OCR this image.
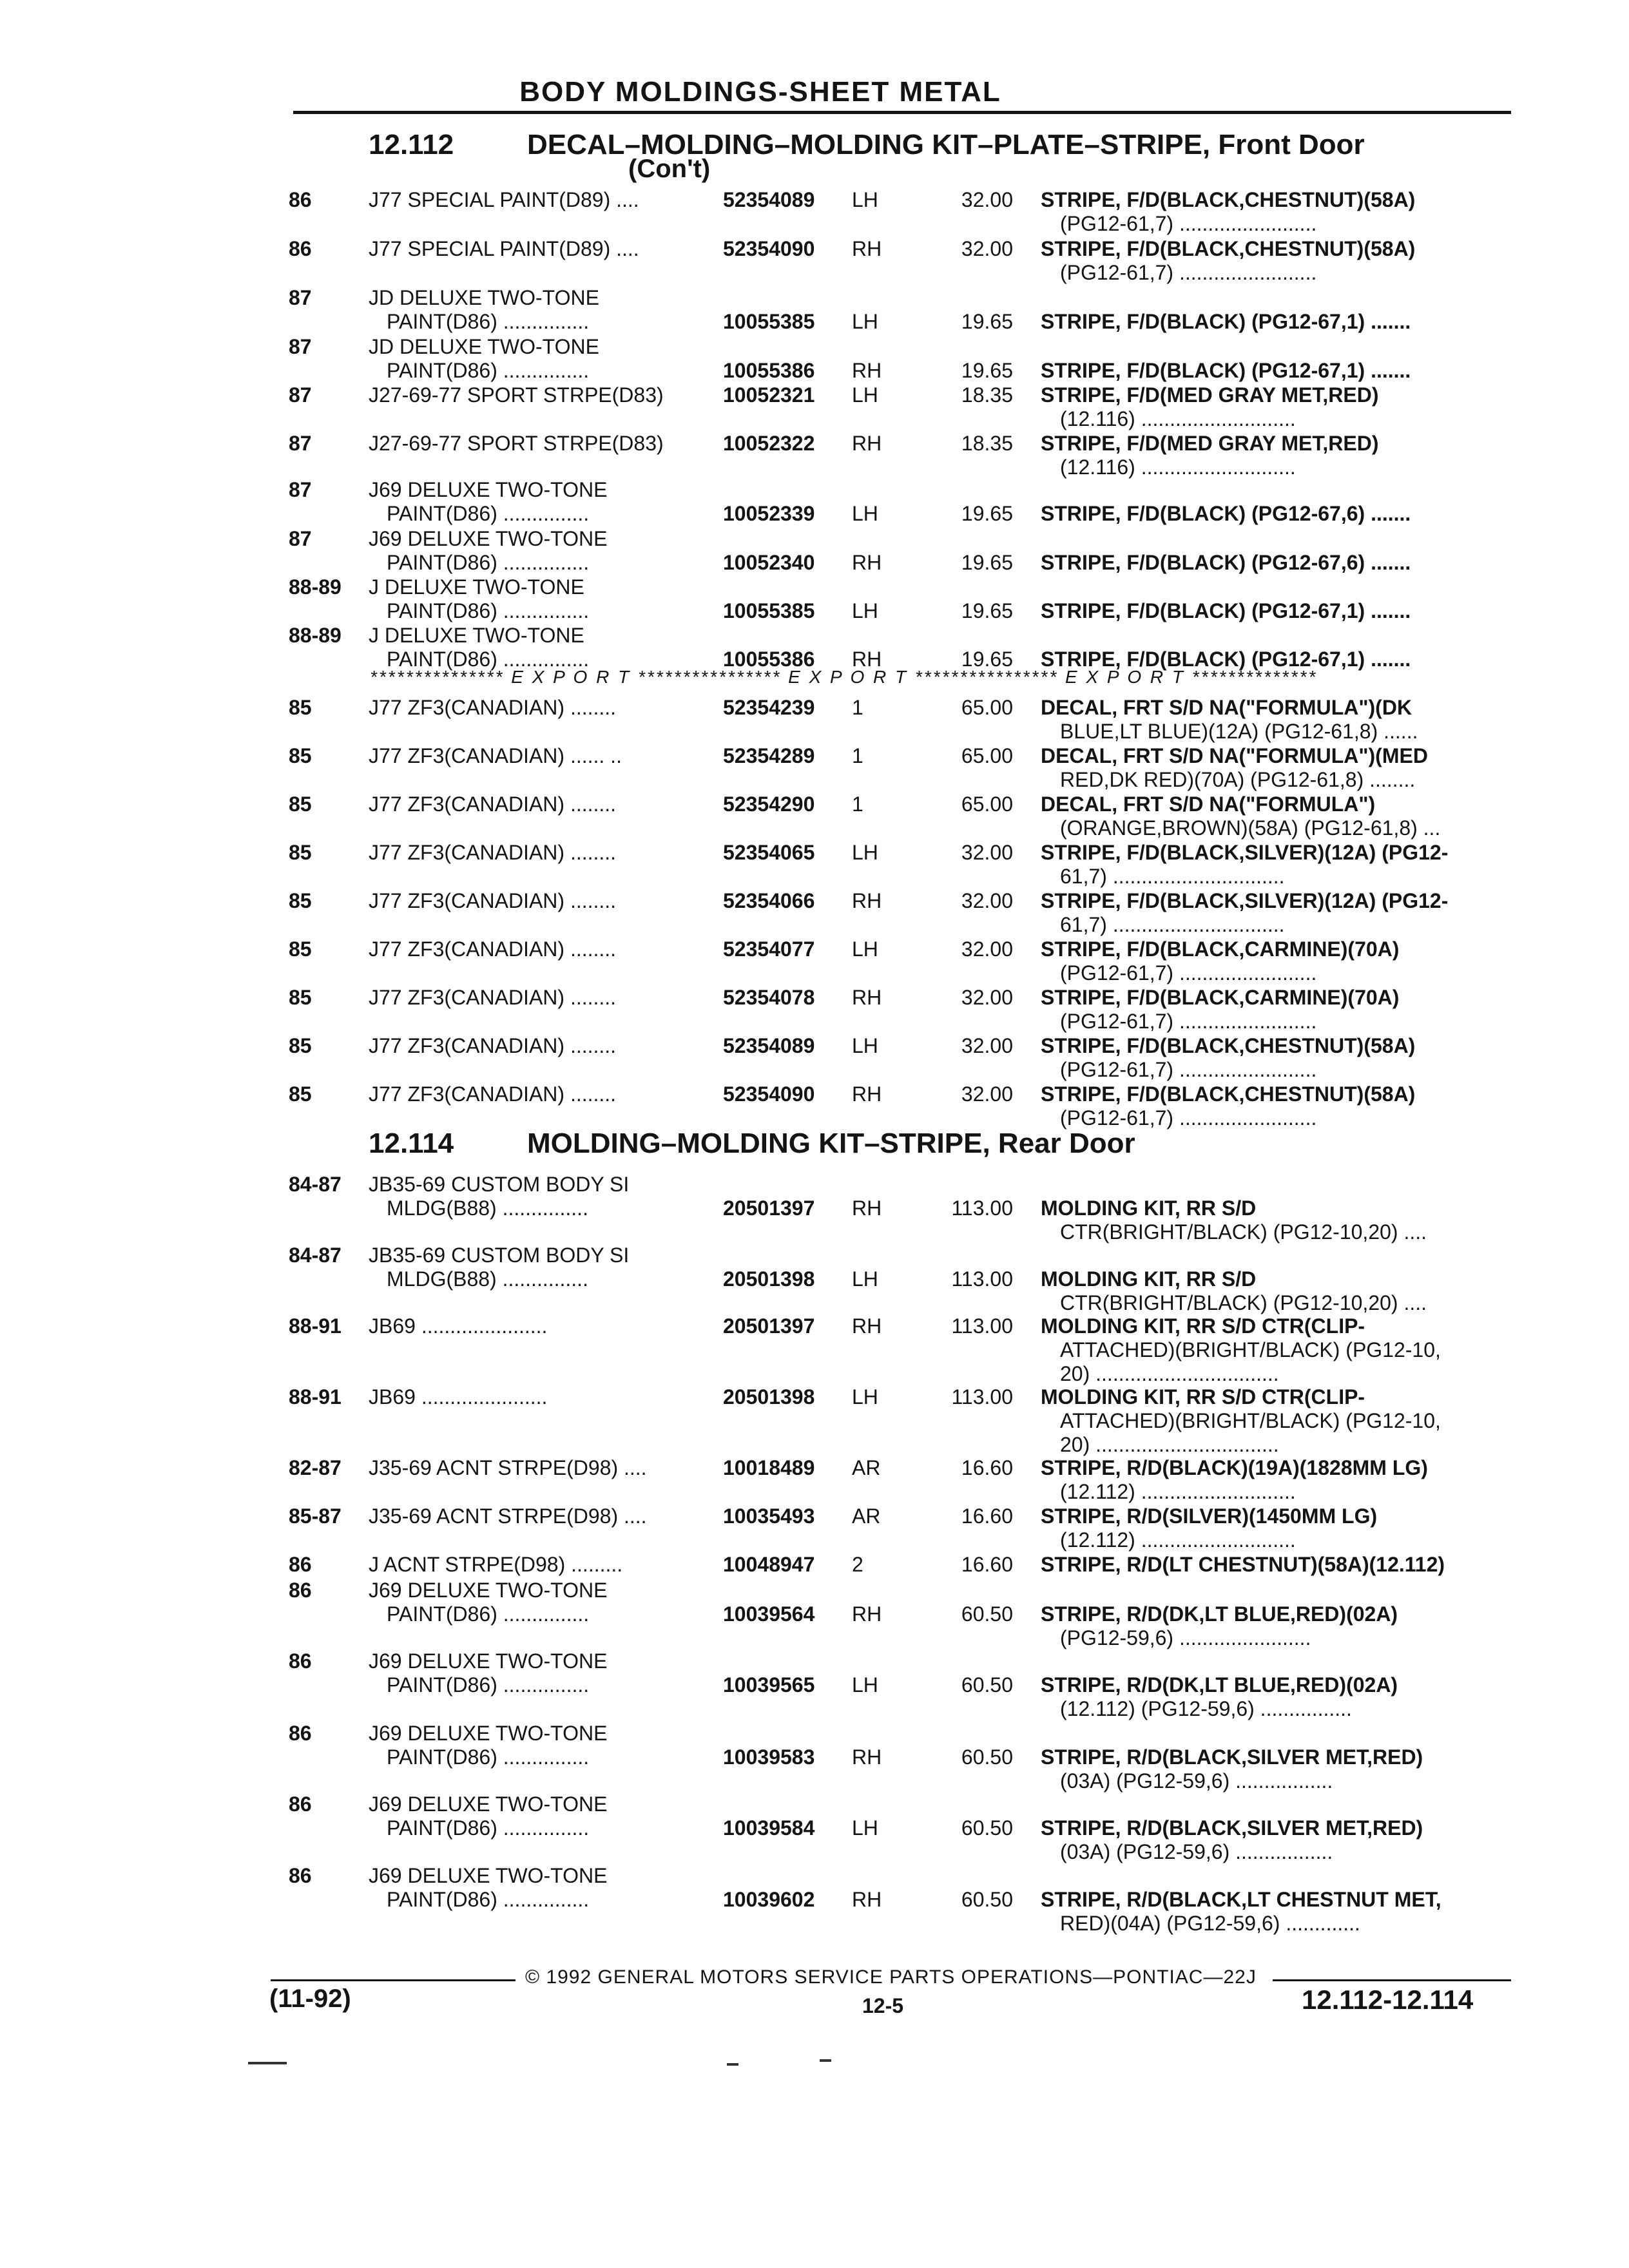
BODY MOLDINGS-SHEET METAL
12.112	DECAL–MOLDING–MOLDING KIT–PLATE–STRIPE, Front Door
(Con't)
86	J77 SPECIAL PAINT(D89) ....	52354089 LH	32.00 STRIPE, F/D(BLACK,CHESTNUT)(58A)
(PG12-61,7) ........................
86	J77 SPECIAL PAINT(D89) ....	52354090 RH	32.00 STRIPE, F/D(BLACK,CHESTNUT)(58A)
(PG12-61,7) ........................
87	JD DELUXE TWO-TONE
PAINT(D86) ...............	10055385 LH	19.65 STRIPE, F/D(BLACK) (PG12-67,1) .......
87	JD DELUXE TWO-TONE
PAINT(D86) ...............	10055386 RH	19.65 STRIPE, F/D(BLACK) (PG12-67,1) .......
87	J27-69-77 SPORT STRPE(D83)	10052321 LH	18.35 STRIPE, F/D(MED GRAY MET,RED)
(12.116) ...........................
87	J27-69-77 SPORT STRPE(D83)	10052322 RH	18.35 STRIPE, F/D(MED GRAY MET,RED)
(12.116) ...........................
87	J69 DELUXE TWO-TONE
PAINT(D86) ...............	10052339 LH	19.65 STRIPE, F/D(BLACK) (PG12-67,6) .......
87	J69 DELUXE TWO-TONE
PAINT(D86) ...............	10052340 RH	19.65 STRIPE, F/D(BLACK) (PG12-67,6) .......
88-89 J DELUXE TWO-TONE
PAINT(D86) ...............	10055385 LH	19.65 STRIPE, F/D(BLACK) (PG12-67,1) .......
88-89 J DELUXE TWO-TONE
PAINT(D86) ...............	10055386 RH	19.65 STRIPE, F/D(BLACK) (PG12-67,1) .......
*************** E X P O R T **************** E X P O R T **************** E X P O R T **************
85	J77 ZF3(CANADIAN) ........	52354239 1	65.00 DECAL, FRT S/D NA("FORMULA")(DK
BLUE,LT BLUE)(12A) (PG12-61,8) ......
85	J77 ZF3(CANADIAN) ...... ..	52354289 1	65.00 DECAL, FRT S/D NA("FORMULA")(MED
RED,DK RED)(70A) (PG12-61,8) ........
85	J77 ZF3(CANADIAN) ........	52354290 1	65.00 DECAL, FRT S/D NA("FORMULA")
(ORANGE,BROWN)(58A) (PG12-61,8) ...
85	J77 ZF3(CANADIAN) ........	52354065 LH	32.00 STRIPE, F/D(BLACK,SILVER)(12A) (PG12-
61,7) ..............................
85	J77 ZF3(CANADIAN) ........	52354066 RH	32.00 STRIPE, F/D(BLACK,SILVER)(12A) (PG12-
61,7) ..............................
85	J77 ZF3(CANADIAN) ........	52354077 LH	32.00 STRIPE, F/D(BLACK,CARMINE)(70A)
(PG12-61,7) ........................
85	J77 ZF3(CANADIAN) ........	52354078 RH	32.00 STRIPE, F/D(BLACK,CARMINE)(70A)
(PG12-61,7) ........................
85	J77 ZF3(CANADIAN) ........	52354089 LH	32.00 STRIPE, F/D(BLACK,CHESTNUT)(58A)
(PG12-61,7) ........................
85	J77 ZF3(CANADIAN) ........	52354090 RH	32.00 STRIPE, F/D(BLACK,CHESTNUT)(58A)
(PG12-61,7) ........................
12.114	MOLDING–MOLDING KIT–STRIPE, Rear Door
84-87 JB35-69 CUSTOM BODY SI
MLDG(B88) ...............	20501397 RH	113.00 MOLDING KIT, RR S/D
CTR(BRIGHT/BLACK) (PG12-10,20) ....
84-87 JB35-69 CUSTOM BODY SI
MLDG(B88) ...............	20501398 LH	113.00 MOLDING KIT, RR S/D
CTR(BRIGHT/BLACK) (PG12-10,20) ....
88-91 JB69 ......................	20501397 RH	113.00 MOLDING KIT, RR S/D CTR(CLIP-
ATTACHED)(BRIGHT/BLACK) (PG12-10,
20) ................................
88-91 JB69 ......................	20501398 LH	113.00 MOLDING KIT, RR S/D CTR(CLIP-
ATTACHED)(BRIGHT/BLACK) (PG12-10,
20) ................................
82-87 J35-69 ACNT STRPE(D98) ....	10018489 AR	16.60 STRIPE, R/D(BLACK)(19A)(1828MM LG)
(12.112) ...........................
85-87 J35-69 ACNT STRPE(D98) ....	10035493 AR	16.60 STRIPE, R/D(SILVER)(1450MM LG)
(12.112) ...........................
86	J ACNT STRPE(D98) .........	10048947 2	16.60 STRIPE, R/D(LT CHESTNUT)(58A)(12.112)
86	J69 DELUXE TWO-TONE
PAINT(D86) ...............	10039564 RH	60.50 STRIPE, R/D(DK,LT BLUE,RED)(02A)
(PG12-59,6) .......................
86	J69 DELUXE TWO-TONE
PAINT(D86) ...............	10039565 LH	60.50 STRIPE, R/D(DK,LT BLUE,RED)(02A)
(12.112) (PG12-59,6) ................
86	J69 DELUXE TWO-TONE
PAINT(D86) ...............	10039583 RH	60.50 STRIPE, R/D(BLACK,SILVER MET,RED)
(03A) (PG12-59,6) .................
86	J69 DELUXE TWO-TONE
PAINT(D86) ...............	10039584 LH	60.50 STRIPE, R/D(BLACK,SILVER MET,RED)
(03A) (PG12-59,6) .................
86	J69 DELUXE TWO-TONE
PAINT(D86) ...............	10039602 RH	60.50 STRIPE, R/D(BLACK,LT CHESTNUT MET,
RED)(04A) (PG12-59,6) .............
© 1992 GENERAL MOTORS SERVICE PARTS OPERATIONS—PONTIAC—22J
(11-92)	12-5	12.112-12.114
